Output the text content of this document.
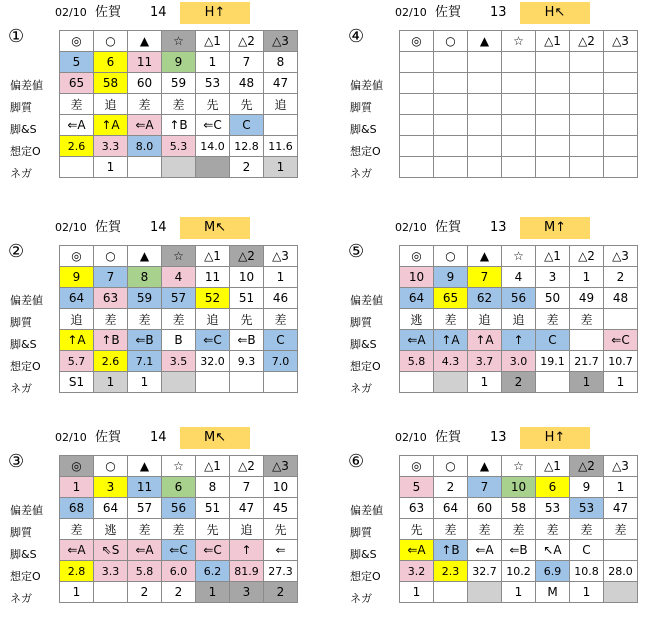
02/10 佐賀 14	H↑
①
偏差値
脚質
脚&S
想定O
ネガ
◎	○	▲	☆	△1	△2	△3
5	6	11	9	1	7	8
65	58	60	59	53	48	47
差	追	差	差	先	先	追
⇐A	↑A	⇐A	↑B	⇐C	C	
2.6	3.3	8.0	5.3	14.0	12.8	11.6
	1				2	1
02/10 佐賀 13	H↖
④
偏差値
脚質
脚&S
想定O
ネガ
◎	○	▲	☆	△1	△2	△3

02/10 佐賀 14	M↖
②
偏差値
脚質
脚&S
想定O
ネガ
◎	○	▲	☆	△1	△2	△3
9	7	8	4	11	10	1
64	63	59	57	52	51	46
追	差	差	差	追	先	差
↑A	↑B	⇐B	B	⇐C	⇐B	C
5.7	2.6	7.1	3.5	32.0	9.3	7.0
S1	1	1				
02/10 佐賀 13	M↑
⑤
偏差値
脚質
脚&S
想定O
ネガ
◎	○	▲	☆	△1	△2	△3
10	9	7	4	3	1	2
64	65	62	56	50	49	48
逃	差	追	追	差	差	
⇐A	↑A	↑A	↑	C		⇐C
5.8	4.3	3.7	3.0	19.1	21.7	10.7
		1	2		1	1
02/10 佐賀 14	M↖
③
偏差値
脚質
脚&S
想定O
ネガ
◎	○	▲	☆	△1	△2	△3
1	3	11	6	8	7	10
68	64	57	56	51	47	45
差	逃	差	差	先	追	先
⇐A	⇖S	⇐A	⇐C	⇐C	↑	⇐
2.8	3.3	5.8	6.0	6.2	81.9	27.3
1		2	2	1	3	2
02/10 佐賀 13	H↑
⑥
偏差値
脚質
脚&S
想定O
ネガ
◎	○	▲	☆	△1	△2	△3
5	2	7	10	6	9	1
63	64	60	58	53	53	47
先	差	差	差	差	差	差
⇐A	↑B	⇐A	⇐B	↖A	C	
3.2	2.3	32.7	10.2	6.9	10.8	28.0
1			1	M	1	
